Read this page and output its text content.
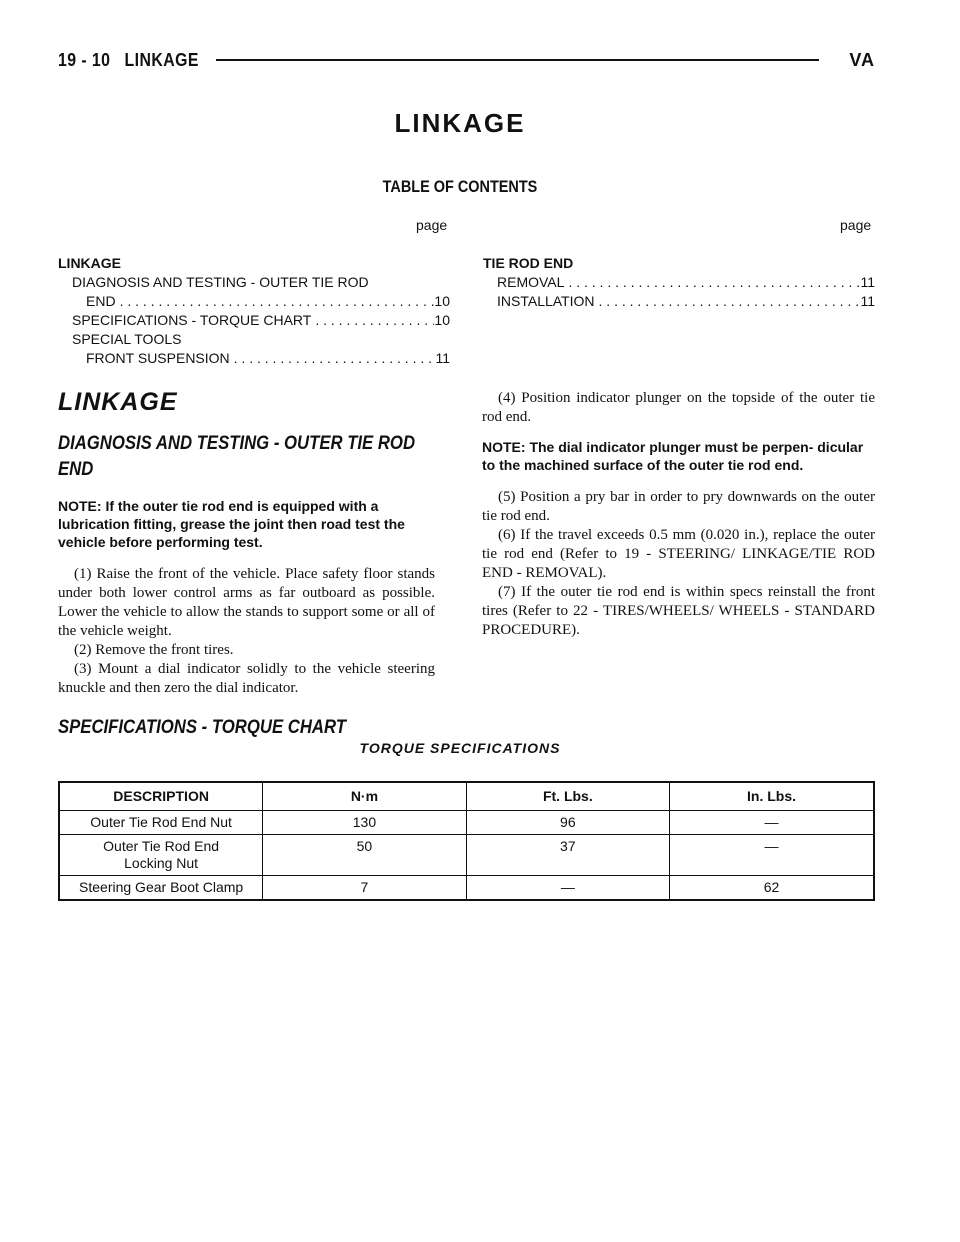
19 - 10 LINKAGE	VA
LINKAGE
TABLE OF CONTENTS
page	page
LINKAGE
DIAGNOSIS AND TESTING - OUTER TIE ROD
END . . .	10
SPECIFICATIONS - TORQUE CHART . . .	10
SPECIAL TOOLS
FRONT SUSPENSION . . .	11
TIE ROD END
REMOVAL . . .	11
INSTALLATION . . .	11
LINKAGE
DIAGNOSIS AND TESTING - OUTER TIE ROD
END

NOTE: If the outer tie rod end is equipped with a lubrication fitting, grease the joint then road test the vehicle before performing test.

(1) Raise the front of the vehicle. Place safety floor stands under both lower control arms as far outboard as possible. Lower the vehicle to allow the stands to support some or all of the vehicle weight.

(2) Remove the front tires.

(3) Mount a dial indicator solidly to the vehicle steering knuckle and then zero the dial indicator.

(4) Position indicator plunger on the topside of the outer tie rod end.

NOTE: The dial indicator plunger must be perpen- dicular to the machined surface of the outer tie rod end.

(5) Position a pry bar in order to pry downwards on the outer tie rod end.

(6) If the travel exceeds 0.5 mm (0.020 in.), replace the outer tie rod end (Refer to 19 - STEERING/ LINKAGE/TIE ROD END - REMOVAL).

(7) If the outer tie rod end is within specs reinstall the front tires (Refer to 22 - TIRES/WHEELS/ WHEELS - STANDARD PROCEDURE).

SPECIFICATIONS - TORQUE CHART
TORQUE SPECIFICATIONS
DESCRIPTION	N·m	Ft. Lbs.	In. Lbs.
Outer Tie Rod End Nut	130	96	—
Outer Tie Rod End Locking Nut	50	37	—
Steering Gear Boot Clamp	7	—	62
